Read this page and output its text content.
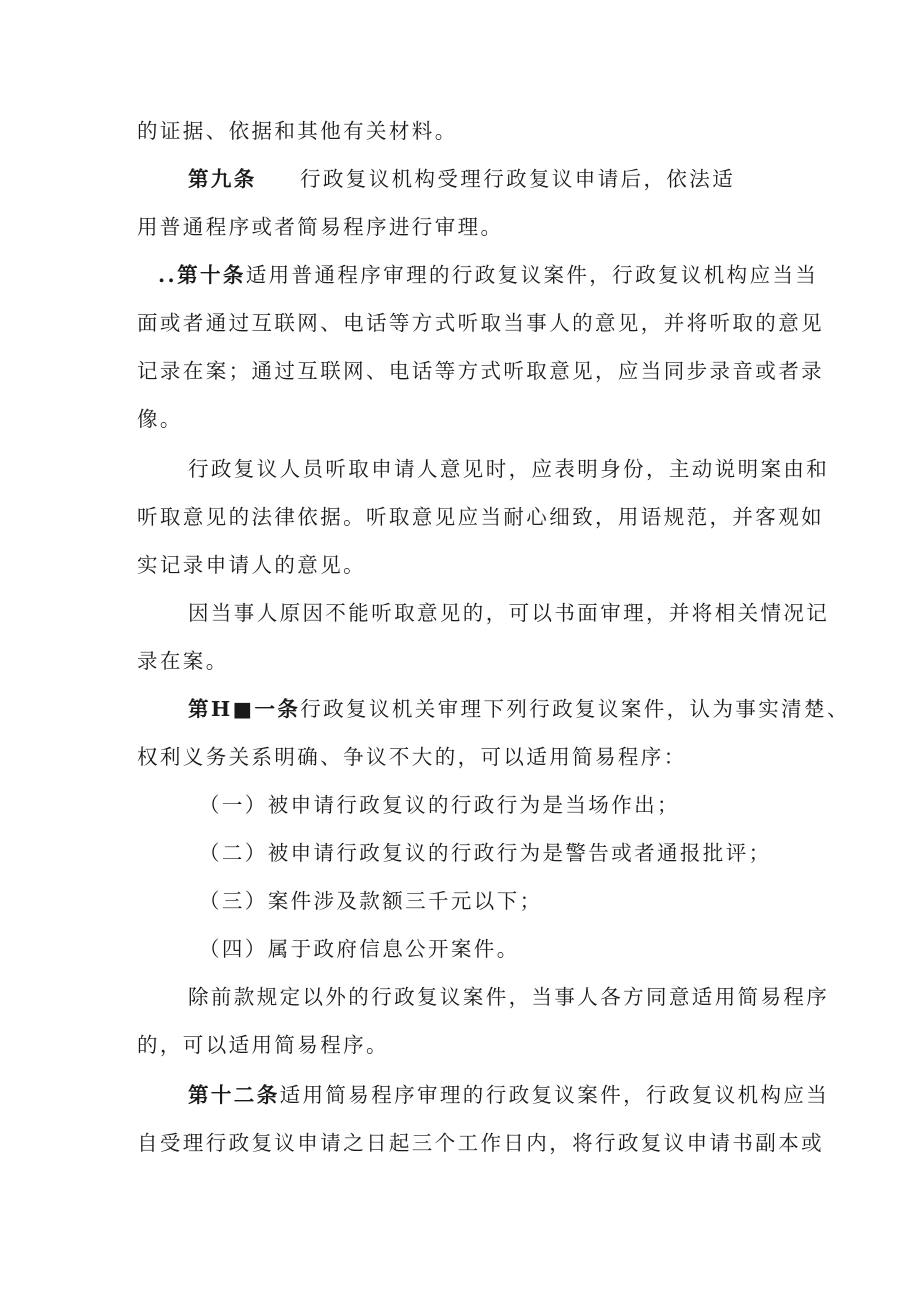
的证据、依据和其他有关材料。
第九条 行政复议机构受理行政复议申请后，依法适
用普通程序或者简易程序进行审理。
..第十条适用普通程序审理的行政复议案件，行政复议机构应当当
面或者通过互联网、电话等方式听取当事人的意见，并将听取的意见
记录在案；通过互联网、电话等方式听取意见，应当同步录音或者录
像。
行政复议人员听取申请人意见时，应表明身份，主动说明案由和
听取意见的法律依据。听取意见应当耐心细致，用语规范，并客观如
实记录申请人的意见。
因当事人原因不能听取意见的，可以书面审理，并将相关情况记
录在案。
第H■一条行政复议机关审理下列行政复议案件，认为事实清楚、
权利义务关系明确、争议不大的，可以适用简易程序：
（一）被申请行政复议的行政行为是当场作出；
（二）被申请行政复议的行政行为是警告或者通报批评；
（三）案件涉及款额三千元以下；
（四）属于政府信息公开案件。
除前款规定以外的行政复议案件，当事人各方同意适用简易程序
的，可以适用简易程序。
第十二条适用简易程序审理的行政复议案件，行政复议机构应当
自受理行政复议申请之日起三个工作日内，将行政复议申请书副本或
